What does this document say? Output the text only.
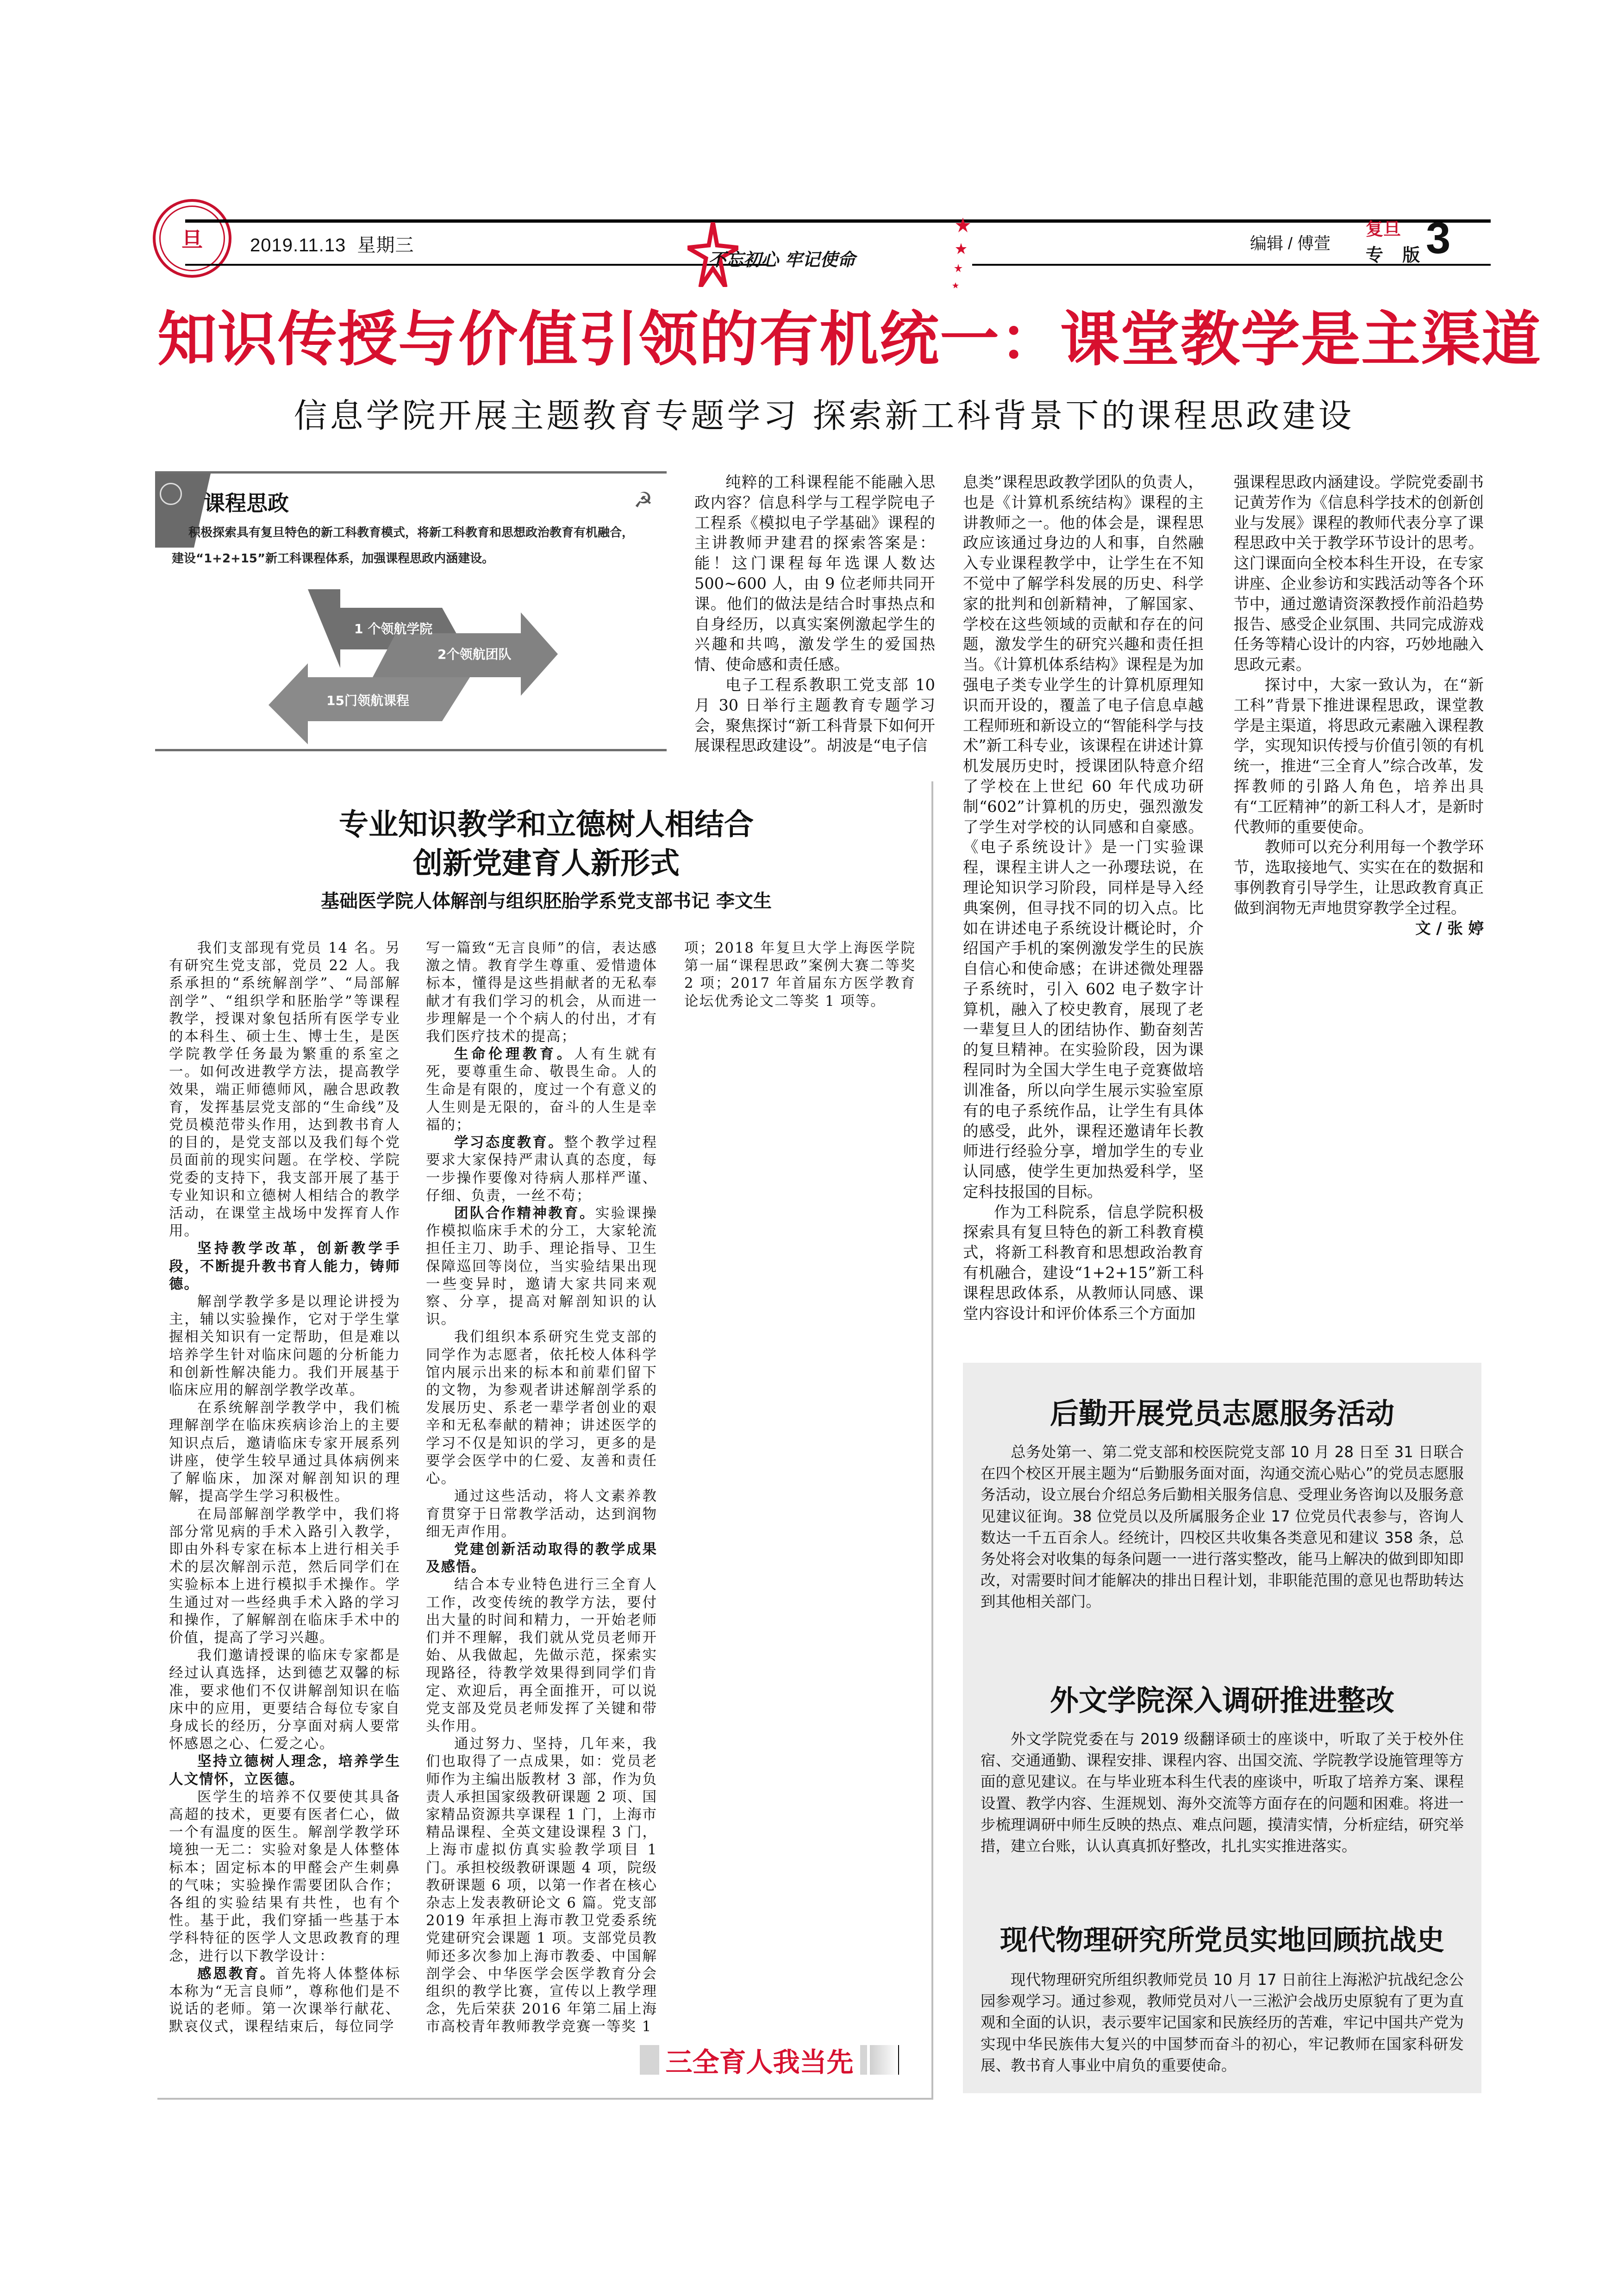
旦	2019.11.13 星期三
不忘初心 牢记使命
编辑 / 傅萱
复旦
专 版
3
知识传授与价值引领的有机统一：课堂教学是主渠道
信息学院开展主题教育专题学习 探索新工科背景下的课程思政建设
课程思政	☭
积极探索具有复旦特色的新工科教育模式，将新工科教育和思想政治教育有机融合，建设“1+2+15”新工科课程体系，加强课程思政内涵建设。
1 个领航学院
2个领航团队
15门领航课程

纯粹的工科课程能不能融入思政内容？信息科学与工程学院电子工程系《模拟电子学基础》课程的主讲教师尹建君的探索答案是：能！这门课程每年选课人数达 500~600 人，由 9 位老师共同开课。他们的做法是结合时事热点和自身经历，以真实案例激起学生的兴趣和共鸣，激发学生的爱国热情、使命感和责任感。

电子工程系教职工党支部 10 月 30 日举行主题教育专题学习会，聚焦探讨“新工科背景下如何开展课程思政建设”。胡波是“电子信

息类”课程思政教学团队的负责人，也是《计算机系统结构》课程的主讲教师之一。他的体会是，课程思政应该通过身边的人和事，自然融入专业课程教学中，让学生在不知不觉中了解学科发展的历史、科学家的批判和创新精神，了解国家、学校在这些领域的贡献和存在的问题，激发学生的研究兴趣和责任担当。《计算机体系结构》课程是为加强电子类专业学生的计算机原理知识而开设的，覆盖了电子信息卓越工程师班和新设立的“智能科学与技术”新工科专业，该课程在讲述计算机发展历史时，授课团队特意介绍了学校在上世纪 60 年代成功研制“602”计算机的历史，强烈激发了学生对学校的认同感和自豪感。《电子系统设计》是一门实验课程，课程主讲人之一孙璎珐说，在理论知识学习阶段，同样是导入经典案例，但寻找不同的切入点。比如在讲述电子系统设计概论时，介绍国产手机的案例激发学生的民族自信心和使命感；在讲述微处理器子系统时，引入 602 电子数字计算机，融入了校史教育，展现了老一辈复旦人的团结协作、勤奋刻苦的复旦精神。在实验阶段，因为课程同时为全国大学生电子竞赛做培训准备，所以向学生展示实验室原有的电子系统作品，让学生有具体的感受，此外，课程还邀请年长教师进行经验分享，增加学生的专业认同感，使学生更加热爱科学，坚定科技报国的目标。

作为工科院系，信息学院积极探索具有复旦特色的新工科教育模式，将新工科教育和思想政治教育有机融合，建设“1+2+15”新工科课程思政体系，从教师认同感、课堂内容设计和评价体系三个方面加

强课程思政内涵建设。学院党委副书记黄芳作为《信息科学技术的创新创业与发展》课程的教师代表分享了课程思政中关于教学环节设计的思考。这门课面向全校本科生开设，在专家讲座、企业参访和实践活动等各个环节中，通过邀请资深教授作前沿趋势报告、感受企业氛围、共同完成游戏任务等精心设计的内容，巧妙地融入思政元素。

探讨中，大家一致认为，在“新工科”背景下推进课程思政，课堂教学是主渠道，将思政元素融入课程教学，实现知识传授与价值引领的有机统一，推进“三全育人”综合改革，发挥教师的引路人角色，培养出具有“工匠精神”的新工科人才，是新时代教师的重要使命。

教师可以充分利用每一个教学环节，选取接地气、实实在在的数据和事例教育引导学生，让思政教育真正做到润物无声地贯穿教学全过程。
文 / 张 婷

专业知识教学和立德树人相结合
创新党建育人新形式
基础医学院人体解剖与组织胚胎学系党支部书记 李文生

我们支部现有党员 14 名。另有研究生党支部，党员 22 人。我系承担的“系统解剖学”、“局部解剖学”、“组织学和胚胎学”等课程教学，授课对象包括所有医学专业的本科生、硕士生、博士生，是医学院教学任务最为繁重的系室之一。如何改进教学方法，提高教学效果，端正师德师风，融合思政教育，发挥基层党支部的“生命线”及党员模范带头作用，达到教书育人的目的，是党支部以及我们每个党员面前的现实问题。在学校、学院党委的支持下，我支部开展了基于专业知识和立德树人相结合的教学活动，在课堂主战场中发挥育人作用。

坚持教学改革，创新教学手段，不断提升教书育人能力，铸师德。

解剖学教学多是以理论讲授为主，辅以实验操作，它对于学生掌握相关知识有一定帮助，但是难以培养学生针对临床问题的分析能力和创新性解决能力。我们开展基于临床应用的解剖学教学改革。

在系统解剖学教学中，我们梳理解剖学在临床疾病诊治上的主要知识点后，邀请临床专家开展系列讲座，使学生较早通过具体病例来了解临床，加深对解剖知识的理解，提高学生学习积极性。

在局部解剖学教学中，我们将部分常见病的手术入路引入教学，即由外科专家在标本上进行相关手术的层次解剖示范，然后同学们在实验标本上进行模拟手术操作。学生通过对一些经典手术入路的学习和操作，了解解剖在临床手术中的价值，提高了学习兴趣。

我们邀请授课的临床专家都是经过认真选择，达到德艺双馨的标准，要求他们不仅讲解剖知识在临床中的应用，更要结合每位专家自身成长的经历，分享面对病人要常怀感恩之心、仁爱之心。

坚持立德树人理念，培养学生人文情怀，立医德。

医学生的培养不仅要使其具备高超的技术，更要有医者仁心，做一个有温度的医生。解剖学教学环境独一无二：实验对象是人体整体标本；固定标本的甲醛会产生刺鼻的气味；实验操作需要团队合作；各组的实验结果有共性，也有个性。基于此，我们穿插一些基于本学科特征的医学人文思政教育的理念，进行以下教学设计：

感恩教育。首先将人体整体标本称为“无言良师”，尊称他们是不说话的老师。第一次课举行献花、默哀仪式，课程结束后，每位同学

写一篇致“无言良师”的信，表达感激之情。教育学生尊重、爱惜遗体标本，懂得是这些捐献者的无私奉献才有我们学习的机会，从而进一步理解是一个个病人的付出，才有我们医疗技术的提高；

生命伦理教育。人有生就有死，要尊重生命、敬畏生命。人的生命是有限的，度过一个有意义的人生则是无限的，奋斗的人生是幸福的；

学习态度教育。整个教学过程要求大家保持严肃认真的态度，每一步操作要像对待病人那样严谨、仔细、负责，一丝不苟；

团队合作精神教育。实验课操作模拟临床手术的分工，大家轮流担任主刀、助手、理论指导、卫生保障巡回等岗位，当实验结果出现一些变异时，邀请大家共同来观察、分享，提高对解剖知识的认识。

我们组织本系研究生党支部的同学作为志愿者，依托校人体科学馆内展示出来的标本和前辈们留下的文物，为参观者讲述解剖学系的发展历史、系老一辈学者创业的艰辛和无私奉献的精神；讲述医学的学习不仅是知识的学习，更多的是要学会医学中的仁爱、友善和责任心。

通过这些活动，将人文素养教育贯穿于日常教学活动，达到润物细无声作用。

党建创新活动取得的教学成果及感悟。

结合本专业特色进行三全育人工作，改变传统的教学方法，要付出大量的时间和精力，一开始老师们并不理解，我们就从党员老师开始、从我做起，先做示范，探索实现路径，待教学效果得到同学们肯定、欢迎后，再全面推开，可以说党支部及党员老师发挥了关键和带头作用。

通过努力、坚持，几年来，我们也取得了一点成果，如：党员老师作为主编出版教材 3 部，作为负责人承担国家级教研课题 2 项、国家精品资源共享课程 1 门，上海市精品课程、全英文建设课程 3 门，上海市虚拟仿真实验教学项目 1 门。承担校级教研课题 4 项，院级教研课题 6 项，以第一作者在核心杂志上发表教研论文 6 篇。党支部 2019 年承担上海市教卫党委系统党建研究会课题 1 项。支部党员教师还多次参加上海市教委、中国解剖学会、中华医学会医学教育分会组织的教学比赛，宣传以上教学理念，先后荣获 2016 年第二届上海市高校青年教师教学竞赛一等奖 1

项；2018 年复旦大学上海医学院第一届“课程思政”案例大赛二等奖 2 项；2017 年首届东方医学教育论坛优秀论文二等奖 1 项等。

三全育人我当先
后勤开展党员志愿服务活动

总务处第一、第二党支部和校医院党支部 10 月 28 日至 31 日联合在四个校区开展主题为“后勤服务面对面，沟通交流心贴心”的党员志愿服务活动，设立展台介绍总务后勤相关服务信息、受理业务咨询以及服务意见建议征询。38 位党员以及所属服务企业 17 位党员代表参与，咨询人数达一千五百余人。经统计，四校区共收集各类意见和建议 358 条，总务处将会对收集的每条问题一一进行落实整改，能马上解决的做到即知即改，对需要时间才能解决的排出日程计划，非职能范围的意见也帮助转达到其他相关部门。

外文学院深入调研推进整改

外文学院党委在与 2019 级翻译硕士的座谈中，听取了关于校外住宿、交通通勤、课程安排、课程内容、出国交流、学院教学设施管理等方面的意见建议。在与毕业班本科生代表的座谈中，听取了培养方案、课程设置、教学内容、生涯规划、海外交流等方面存在的问题和困难。将进一步梳理调研中师生反映的热点、难点问题，摸清实情，分析症结，研究举措，建立台账，认认真真抓好整改，扎扎实实推进落实。

现代物理研究所党员实地回顾抗战史

现代物理研究所组织教师党员 10 月 17 日前往上海淞沪抗战纪念公园参观学习。通过参观，教师党员对八一三淞沪会战历史原貌有了更为直观和全面的认识，表示要牢记国家和民族经历的苦难，牢记中国共产党为实现中华民族伟大复兴的中国梦而奋斗的初心，牢记教师在国家科研发展、教书育人事业中肩负的重要使命。
